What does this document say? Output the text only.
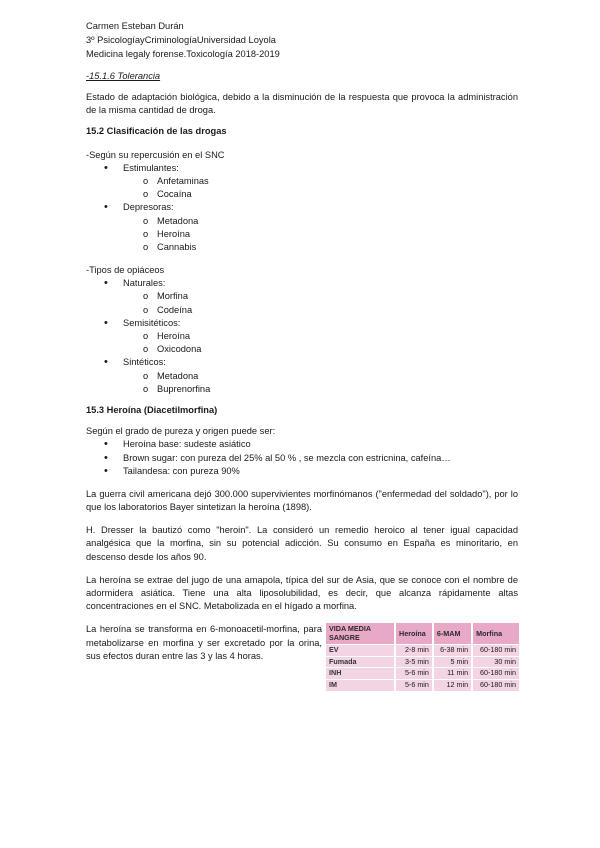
Carmen Esteban Durán
3º PsicologíayCriminologíaUniversidad Loyola
Medicina legaly forense.Toxicología 2018-2019
-15.1.6 Tolerancia

Estado de adaptación biológica, debido a la disminución de la respuesta que provoca la administración de la misma cantidad de droga.

15.2 Clasificación de las drogas
-Según su repercusión en el SNC
• Estimulantes:
o Anfetaminas
o Cocaína
• Depresoras:
o Metadona
o Heroína
o Cannabis
-Tipos de opiáceos
• Naturales:
o Morfina
o Codeína
• Semisitéticos:
o Heroína
o Oxicodona
• Sintéticos:
o Metadona
o Buprenorfina
15.3 Heroína (Diacetilmorfina)
Según el grado de pureza y origen puede ser:
• Heroína base: sudeste asiático
• Brown sugar: con pureza del 25% al 50 % , se mezcla con estricnina, cafeína…
• Tailandesa: con pureza 90%

La guerra civil americana dejó 300.000 supervivientes morfinómanos ("enfermedad del soldado"), por lo que los laboratorios Bayer sintetizan la heroína (1898).

H. Dresser la bautizó como "heroin". La consideró un remedio heroico al tener igual capacidad analgésica que la morfina, sin su potencial adicción. Su consumo en España es minoritario, en descenso desde los años 90.

La heroína se extrae del jugo de una amapola, típica del sur de Asia, que se conoce con el nombre de adormidera asiática. Tiene una alta liposolubilidad, es decir, que alcanza rápidamente altas concentraciones en el SNC. Metabolizada en el hígado a morfina.

La heroína se transforma en 6-monoacetil-morfina, para metabolizarse en morfina y ser excretado por la orina, sus efectos duran entre las 3 y las 4 horas.

VIDA MEDIA SANGRE	Heroína	6-MAM	Morfina
EV	2-8 min	6-38 min	60-180 min
Fumada	3-5 min	5 min	30 min
INH	5-6 min	11 min	60-180 min
IM	5-6 min	12 min	60-180 min
